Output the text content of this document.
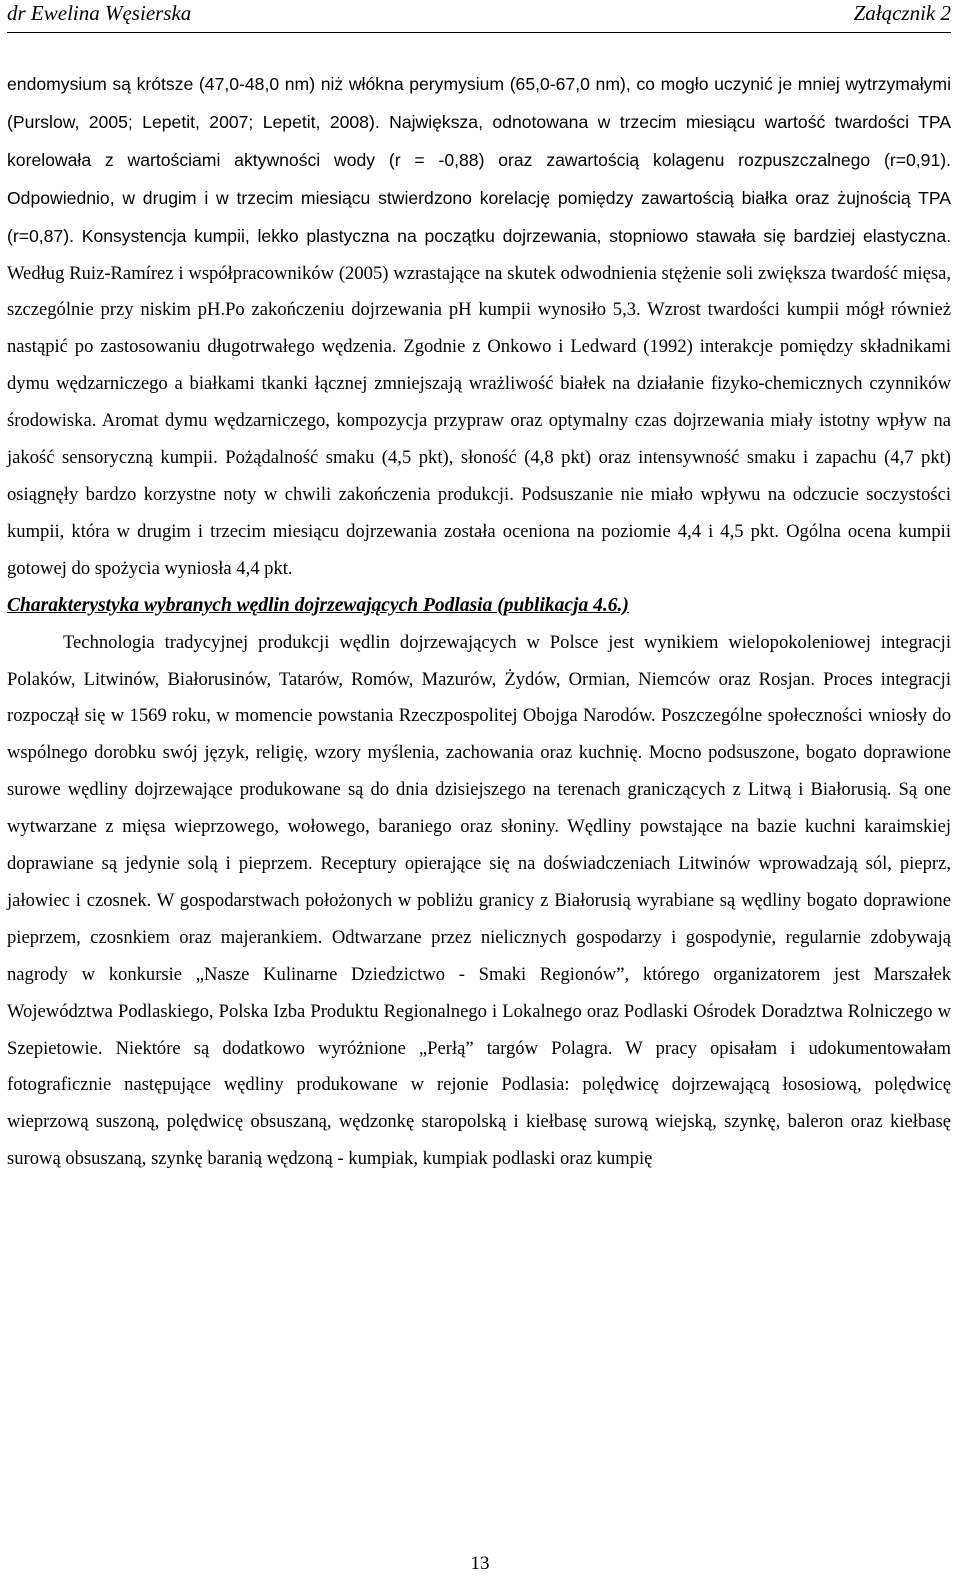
dr Ewelina Węsierska	Załącznik 2

endomysium są krótsze (47,0-48,0 nm) niż włókna perymysium (65,0-67,0 nm), co mogło uczynić je mniej wytrzymałymi (Purslow, 2005; Lepetit, 2007; Lepetit, 2008). Największa, odnotowana w trzecim miesiącu wartość twardości TPA korelowała z wartościami aktywności wody (r = -0,88) oraz zawartością kolagenu rozpuszczalnego (r=0,91). Odpowiednio, w drugim i w trzecim miesiącu stwierdzono korelację pomiędzy zawartością białka oraz żujnością TPA (r=0,87). Konsystencja kumpii, lekko plastyczna na początku dojrzewania, stopniowo stawała się bardziej elastyczna. Według Ruiz-Ramírez i współpracowników (2005) wzrastające na skutek odwodnienia stężenie soli zwiększa twardość mięsa, szczególnie przy niskim pH.Po zakończeniu dojrzewania pH kumpii wynosiło 5,3. Wzrost twardości kumpii mógł również nastąpić po zastosowaniu długotrwałego wędzenia. Zgodnie z Onkowo i Ledward (1992) interakcje pomiędzy składnikami dymu wędzarniczego a białkami tkanki łącznej zmniejszają wrażliwość białek na działanie fizyko-chemicznych czynników środowiska. Aromat dymu wędzarniczego, kompozycja przypraw oraz optymalny czas dojrzewania miały istotny wpływ na jakość sensoryczną kumpii. Pożądalność smaku (4,5 pkt), słoność (4,8 pkt) oraz intensywność smaku i zapachu (4,7 pkt) osiągnęły bardzo korzystne noty w chwili zakończenia produkcji. Podsuszanie nie miało wpływu na odczucie soczystości kumpii, która w drugim i trzecim miesiącu dojrzewania została oceniona na poziomie 4,4 i 4,5 pkt. Ogólna ocena kumpii gotowej do spożycia wyniosła 4,4 pkt.

Charakterystyka wybranych wędlin dojrzewających Podlasia (publikacja 4.6.)

Technologia tradycyjnej produkcji wędlin dojrzewających w Polsce jest wynikiem wielopokoleniowej integracji Polaków, Litwinów, Białorusinów, Tatarów, Romów, Mazurów, Żydów, Ormian, Niemców oraz Rosjan. Proces integracji rozpoczął się w 1569 roku, w momencie powstania Rzeczpospolitej Obojga Narodów. Poszczególne społeczności wniosły do wspólnego dorobku swój język, religię, wzory myślenia, zachowania oraz kuchnię. Mocno podsuszone, bogato doprawione surowe wędliny dojrzewające produkowane są do dnia dzisiejszego na terenach graniczących z Litwą i Białorusią. Są one wytwarzane z mięsa wieprzowego, wołowego, baraniego oraz słoniny. Wędliny powstające na bazie kuchni karaimskiej doprawiane są jedynie solą i pieprzem. Receptury opierające się na doświadczeniach Litwinów wprowadzają sól, pieprz, jałowiec i czosnek. W gospodarstwach położonych w pobliżu granicy z Białorusią wyrabiane są wędliny bogato doprawione pieprzem, czosnkiem oraz majerankiem. Odtwarzane przez nielicznych gospodarzy i gospodynie, regularnie zdobywają nagrody w konkursie „Nasze Kulinarne Dziedzictwo - Smaki Regionów”, którego organizatorem jest Marszałek Województwa Podlaskiego, Polska Izba Produktu Regionalnego i Lokalnego oraz Podlaski Ośrodek Doradztwa Rolniczego w Szepietowie. Niektóre są dodatkowo wyróżnione „Perłą” targów Polagra. W pracy opisałam i udokumentowałam fotograficznie następujące wędliny produkowane w rejonie Podlasia: polędwicę dojrzewającą łososiową, polędwicę wieprzową suszoną, polędwicę obsuszaną, wędzonkę staropolską i kiełbasę surową wiejską, szynkę, baleron oraz kiełbasę surową obsuszaną, szynkę baranią wędzoną - kumpiak, kumpiak podlaski oraz kumpię

13
